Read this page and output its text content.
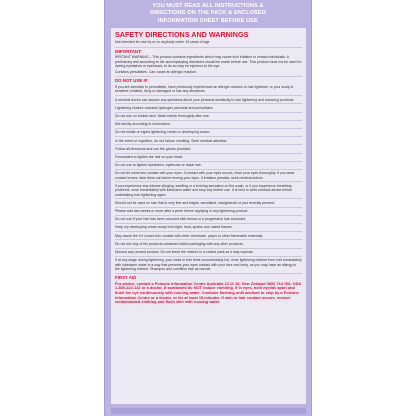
YOU MUST READ ALL INSTRUCTIONS &
DIRECTIONS ON THE PACK & ENCLOSED
INFORMATION SHEET BEFORE USE
SAFETY DIRECTIONS AND WARNINGS
Not intended for use by or on anybody under 16 years of age.
IMPORTANT:
IRRITANT WARNING – This product contains ingredients which may cause skin irritation to certain individuals. A preliminary test according to the accompanying directions should be made before use. This product must not be used for dyeing eyelashes or eyebrows; to do so may be injurious to the eye.
Contains persulfates. Can cause an allergic reaction.
DO NOT USE IF:
If you are sensitive to persulfates, have previously experienced an allergic reaction to hair lightener, or your scalp is sensitive, irritated, itchy or damaged or has any abrasions.
A medical doctor can answer any questions about your personal sensitivity to hair lightening and colouring products.
Lightening mixture contains hydrogen peroxide and persulfates.
Do not use on broken skin. Wash hands thoroughly after use.
Mix strictly according to instructions.
Do not inhale or ingest lightening cream or developing cream.
In the event of ingestion, do not induce vomiting. Seek medical attention.
Follow all directions and use the gloves provided.
Formulated to lighten the hair on your head.
Do not use to lighten eyelashes, eyebrows or facial hair.
Do not let come into contact with your eyes. If contact with your eyes occurs, rinse your eyes thoroughly. If you wear contact lenses, take them out before rinsing your eyes. If irritation persists, seek medical advice.
If you experience any intense stinging, swelling or a burning sensation on the scalp, or if you experience breathing problems, rinse immediately with lukewarm water and stop any further use. It is best to seek medical advice before undertaking hair lightening again.
Should not be used on hair that is very fine and fragile, sensitised, straightened or just recently permed.
Please wait two weeks or more after a perm before applying or any lightening product.
Do not use if your hair has been coloured with henna or a progressive hair colourant.
Keep my developing cream away from light, heat, sparks and naked flames.
May cause fire if it comes into contact with other chemicals, paper or other flammable materials.
Do not mix any of the products contained within packaging with any other products.
Discard any unused product. Do not leave the mixture in a closed pack as it may explode.
If at any stage during lightening, your head or hair feels uncomfortably hot, rinse lightening mixture from hair immediately with lukewarm water in a way that prevents your eyes contact with your face and body, as you may have an allergy to the lightening mixture. Shampoo and condition hair as normal.
FIRST AID
For advice, contact a Poisons Information Centre Australia 13 11 26; New Zealand 0800 764 766; USA 1-800-222-122 or a doctor. If swallowed do NOT induce vomiting. If in eyes, hold eyelids apart and flush the eye continuously with running water. Continue flushing until advised to stop by a Poisons Information Centre or a doctor, or for at least 15 minutes. If skin or hair contact occurs, remove contaminated clothing and flush skin with running water.
